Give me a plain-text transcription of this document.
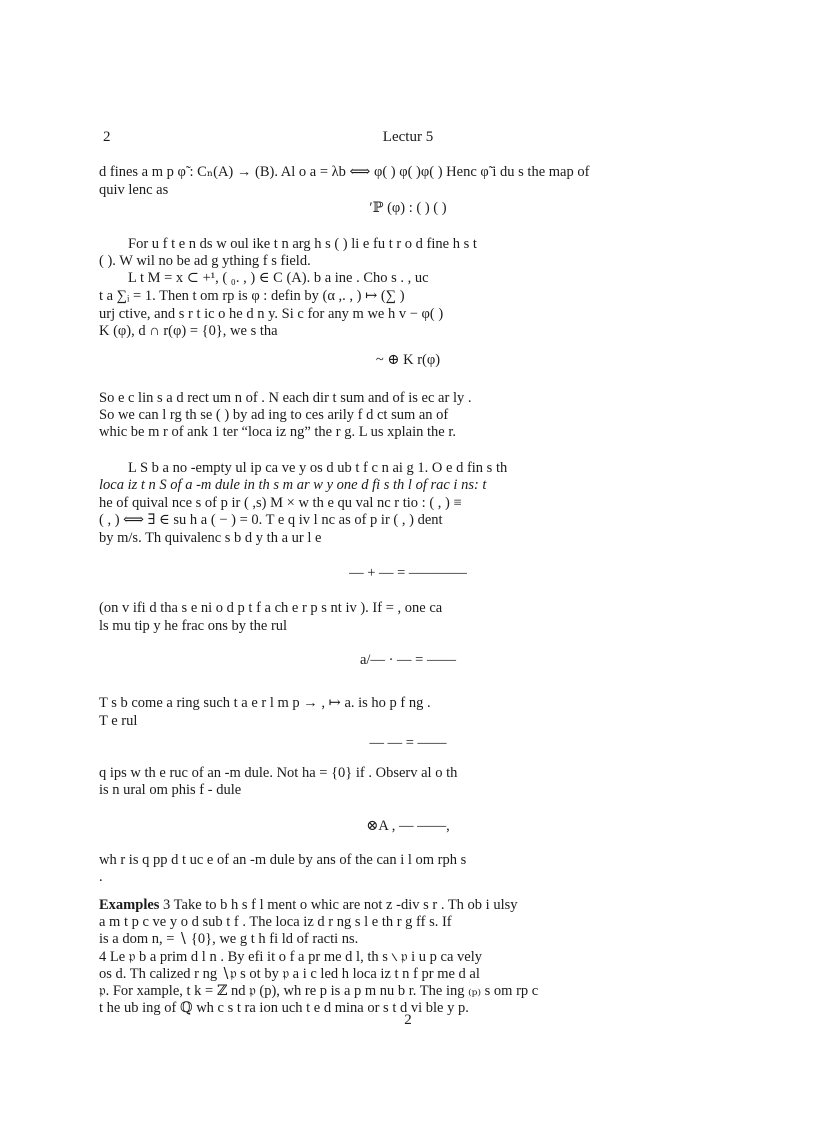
2	Lectur 5
d fines a m p φ̃ : Cₙ(A) → (B). Al o a = λb ⟺ φ( ) φ( )φ( ) Henc φ̃ i du s the map of
quiv lenc as
′ℙ (φ) : ( ) ( )
For u f t e n ds w oul ike t n arg h s ( ) li e fu t r o d fine h s t
( ). W wil no be ad g ything f s field.
L t M = x ⊂ +¹, ( ₀. , ) ∈ C (A). b a ine . Cho s . , uc
t a ∑ᵢ = 1. Then t om rp is φ : defin by (α ,. , ) ↦ (∑ )
urj ctive, and s r t ic o he d n y. Si c for any m we h v − φ( )
K (φ), d ∩ r(φ) = {0}, we s tha
~ ⊕ K r(φ)
So e c lin s a d rect um n of . N each dir t sum and of is ec ar ly .
So we can l rg th se ( ) by ad ing to ces arily f d ct sum an of
whic be m r of ank 1 ter “loca iz ng” the r g. L us xplain the r.
L S b a no -empty ul ip ca ve y os d ub t f c n ai g 1. O e d fin s th
loca iz t n S of a -m dule in th s m ar w y one d fi s th l of rac i ns: t
he of quival nce s of p ir ( ,s) M × w th e qu val nc r tio : ( , ) ≡
( , ) ⟺ ∃ ∈ su h a ( − ) = 0. T e q iv l nc as of p ir ( , ) dent
by m/s. Th quivalenc s b d y th a ur l e
— + — = ————
(on v ifi d tha s e ni o d p t f a ch e r p s nt iv ). If = , one ca
ls mu tip y he frac ons by the rul
a/— · — = ——
T s b come a ring such t a e r l m p → , ↦ a. is ho p f ng .
T e rul
— — = ——
q ips w th e ruc of an -m dule. Not ha = {0} if . Observ al o th
is n ural om phis f - dule
⊗A , — ——,
wh r is q pp d t uc e of an -m dule by ans of the can i l om rph s
.
Examples 3 Take to b h s f l ment o whic are not z -div s r . Th ob i ulsy
a m t p c ve y o d sub t f . The loca iz d r ng s l e th r g ff s. If
is a dom n, = ∖ {0}, we g t h fi ld of racti ns.
4 Le 𝔭 b a prim d l n . By efi it o f a pr me d l, th s ∖ 𝔭 i u p ca vely
os d. Th calized r ng ∖𝔭 s ot by 𝔭 a i c led h loca iz t n f pr me d al
𝔭. For xample, t k = ℤ nd 𝔭 (p), wh re p is a p m nu b r. The ing ₍ₚ₎ s om rp c
t he ub ing of ℚ wh c s t ra ion uch t e d mina or s t d vi ble y p.
2
